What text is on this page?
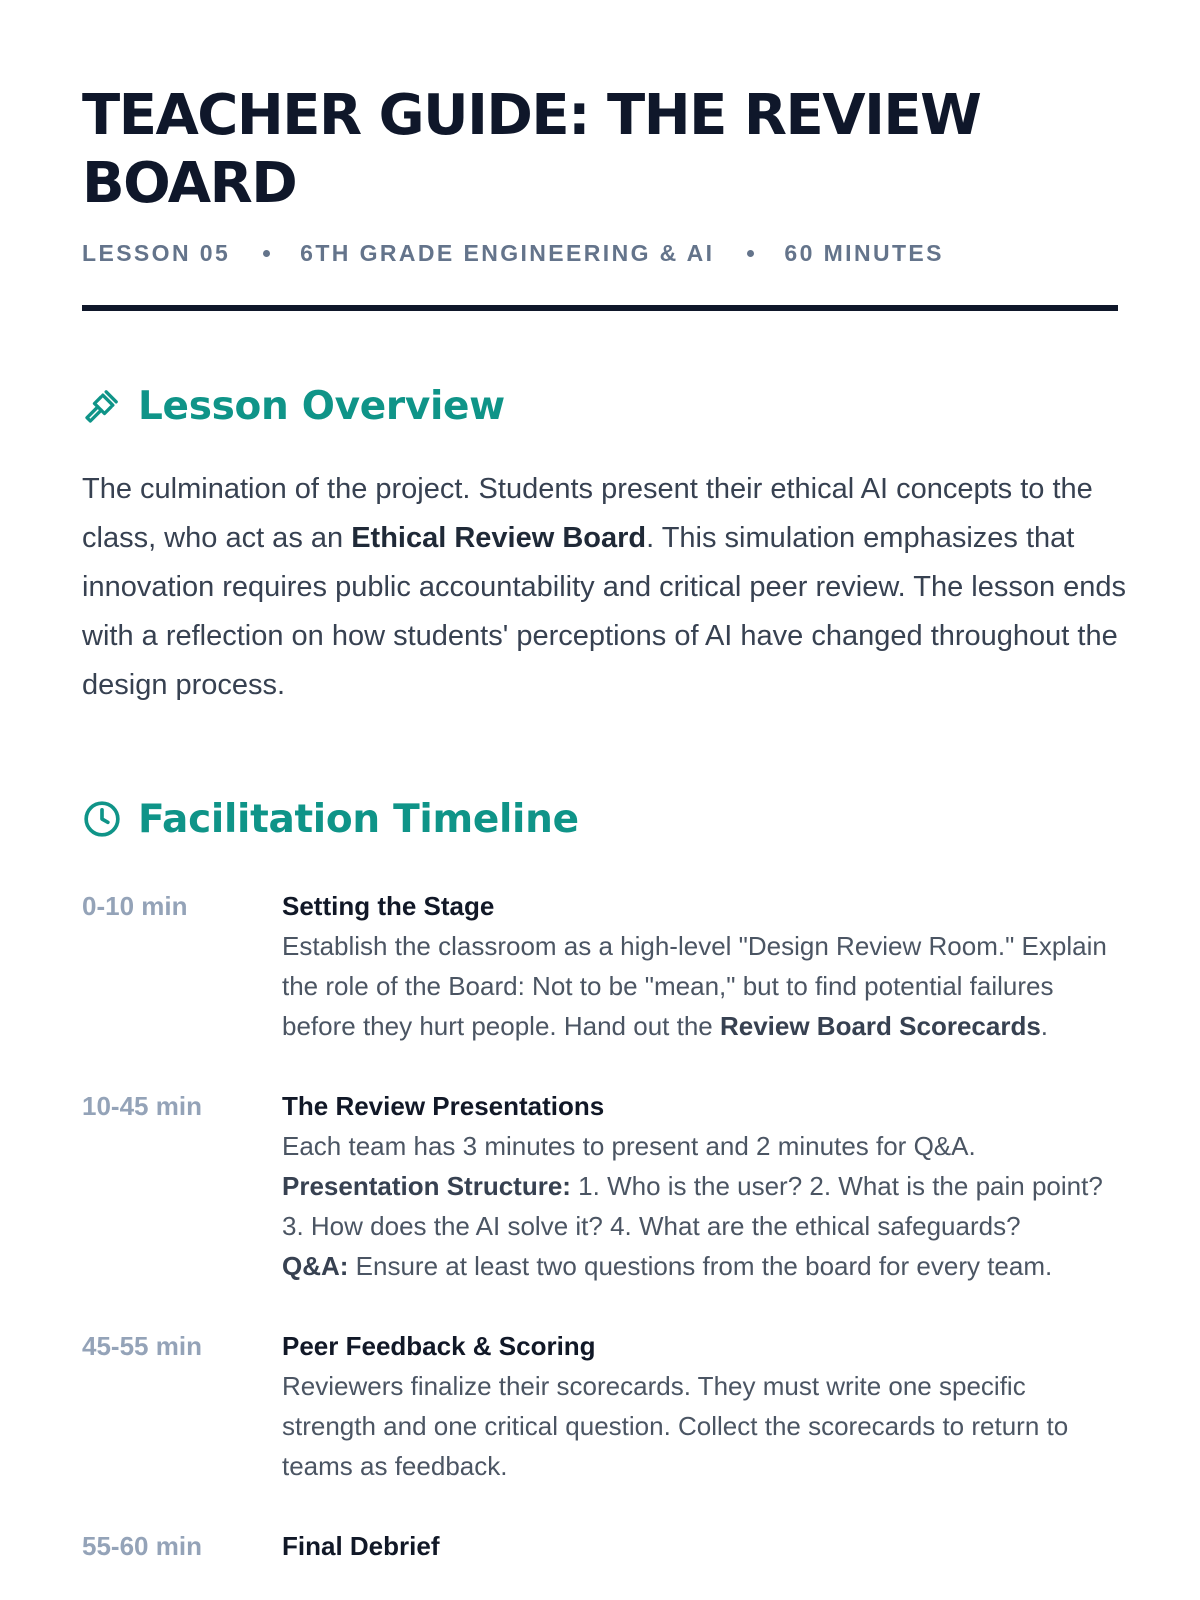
TEACHER GUIDE: THE REVIEW BOARD
LESSON 05	6TH GRADE ENGINEERING & AI	60 MINUTES
Lesson Overview

The culmination of the project. Students present their ethical AI concepts to the class, who act as an Ethical Review Board. This simulation emphasizes that innovation requires public accountability and critical peer review. The lesson ends with a reflection on how students' perceptions of AI have changed throughout the design process.

Facilitation Timeline
0-10 min	Setting the Stage
Establish the classroom as a high-level "Design Review Room." Explain the role of the Board: Not to be "mean," but to find potential failures before they hurt people. Hand out the Review Board Scorecards.
10-45 min	The Review Presentations
Each team has 3 minutes to present and 2 minutes for Q&A.
Presentation Structure: 1. Who is the user? 2. What is the pain point? 3. How does the AI solve it? 4. What are the ethical safeguards?
Q&A: Ensure at least two questions from the board for every team.
45-55 min	Peer Feedback & Scoring
Reviewers finalize their scorecards. They must write one specific strength and one critical question. Collect the scorecards to return to teams as feedback.
55-60 min	Final Debrief
